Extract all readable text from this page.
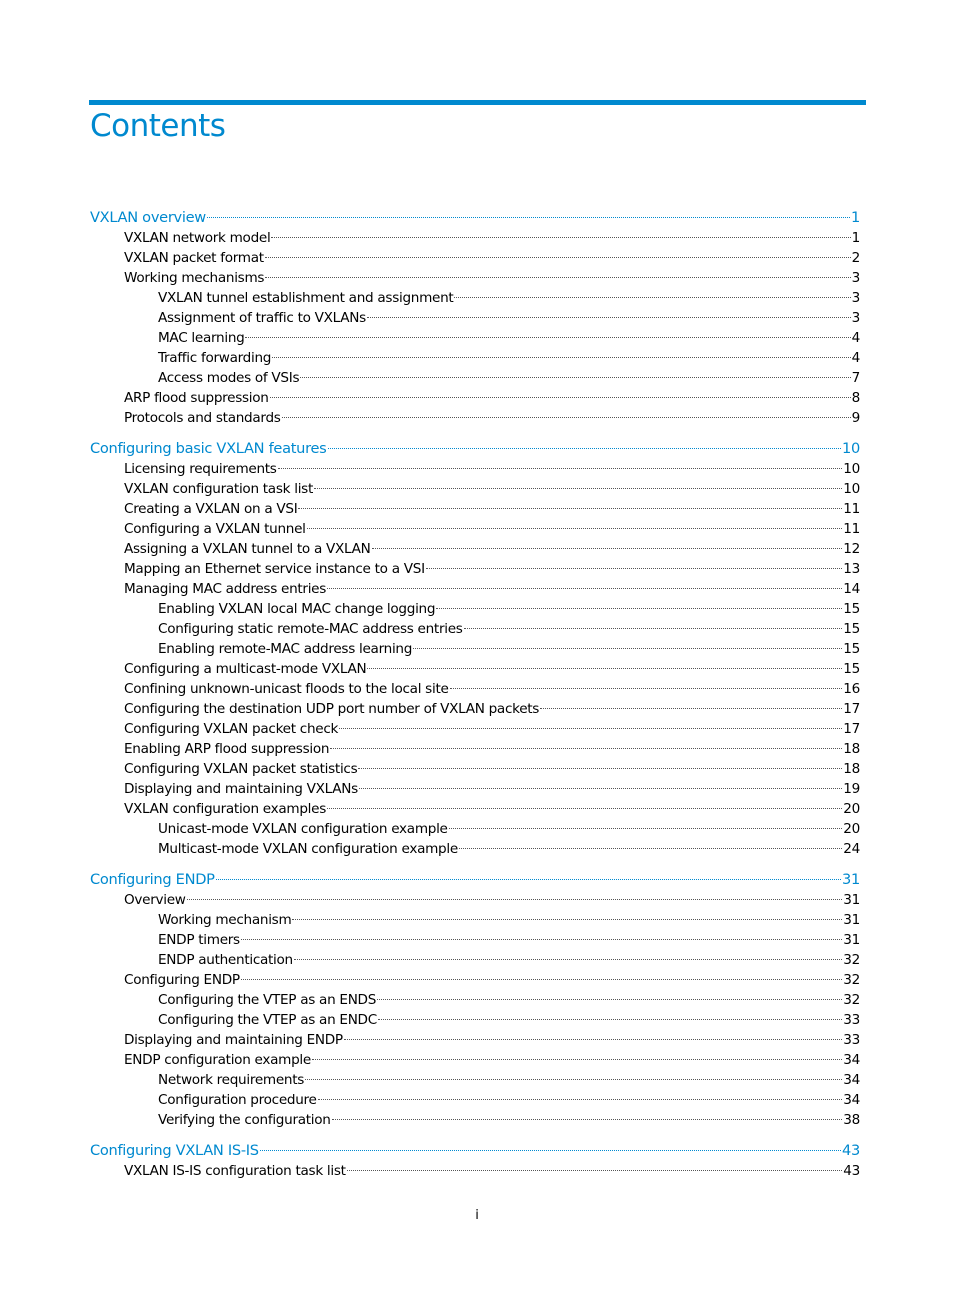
Contents
VXLAN overview	1
VXLAN network model	1
VXLAN packet format	2
Working mechanisms	3
VXLAN tunnel establishment and assignment	3
Assignment of traffic to VXLANs	3
MAC learning	4
Traffic forwarding	4
Access modes of VSIs	7
ARP flood suppression	8
Protocols and standards	9
Configuring basic VXLAN features	10
Licensing requirements	10
VXLAN configuration task list	10
Creating a VXLAN on a VSI	11
Configuring a VXLAN tunnel	11
Assigning a VXLAN tunnel to a VXLAN	12
Mapping an Ethernet service instance to a VSI	13
Managing MAC address entries	14
Enabling VXLAN local MAC change logging	15
Configuring static remote-MAC address entries	15
Enabling remote-MAC address learning	15
Configuring a multicast-mode VXLAN	15
Confining unknown-unicast floods to the local site	16
Configuring the destination UDP port number of VXLAN packets	17
Configuring VXLAN packet check	17
Enabling ARP flood suppression	18
Configuring VXLAN packet statistics	18
Displaying and maintaining VXLANs	19
VXLAN configuration examples	20
Unicast-mode VXLAN configuration example	20
Multicast-mode VXLAN configuration example	24
Configuring ENDP	31
Overview	31
Working mechanism	31
ENDP timers	31
ENDP authentication	32
Configuring ENDP	32
Configuring the VTEP as an ENDS	32
Configuring the VTEP as an ENDC	33
Displaying and maintaining ENDP	33
ENDP configuration example	34
Network requirements	34
Configuration procedure	34
Verifying the configuration	38
Configuring VXLAN IS-IS	43
VXLAN IS-IS configuration task list	43
i
